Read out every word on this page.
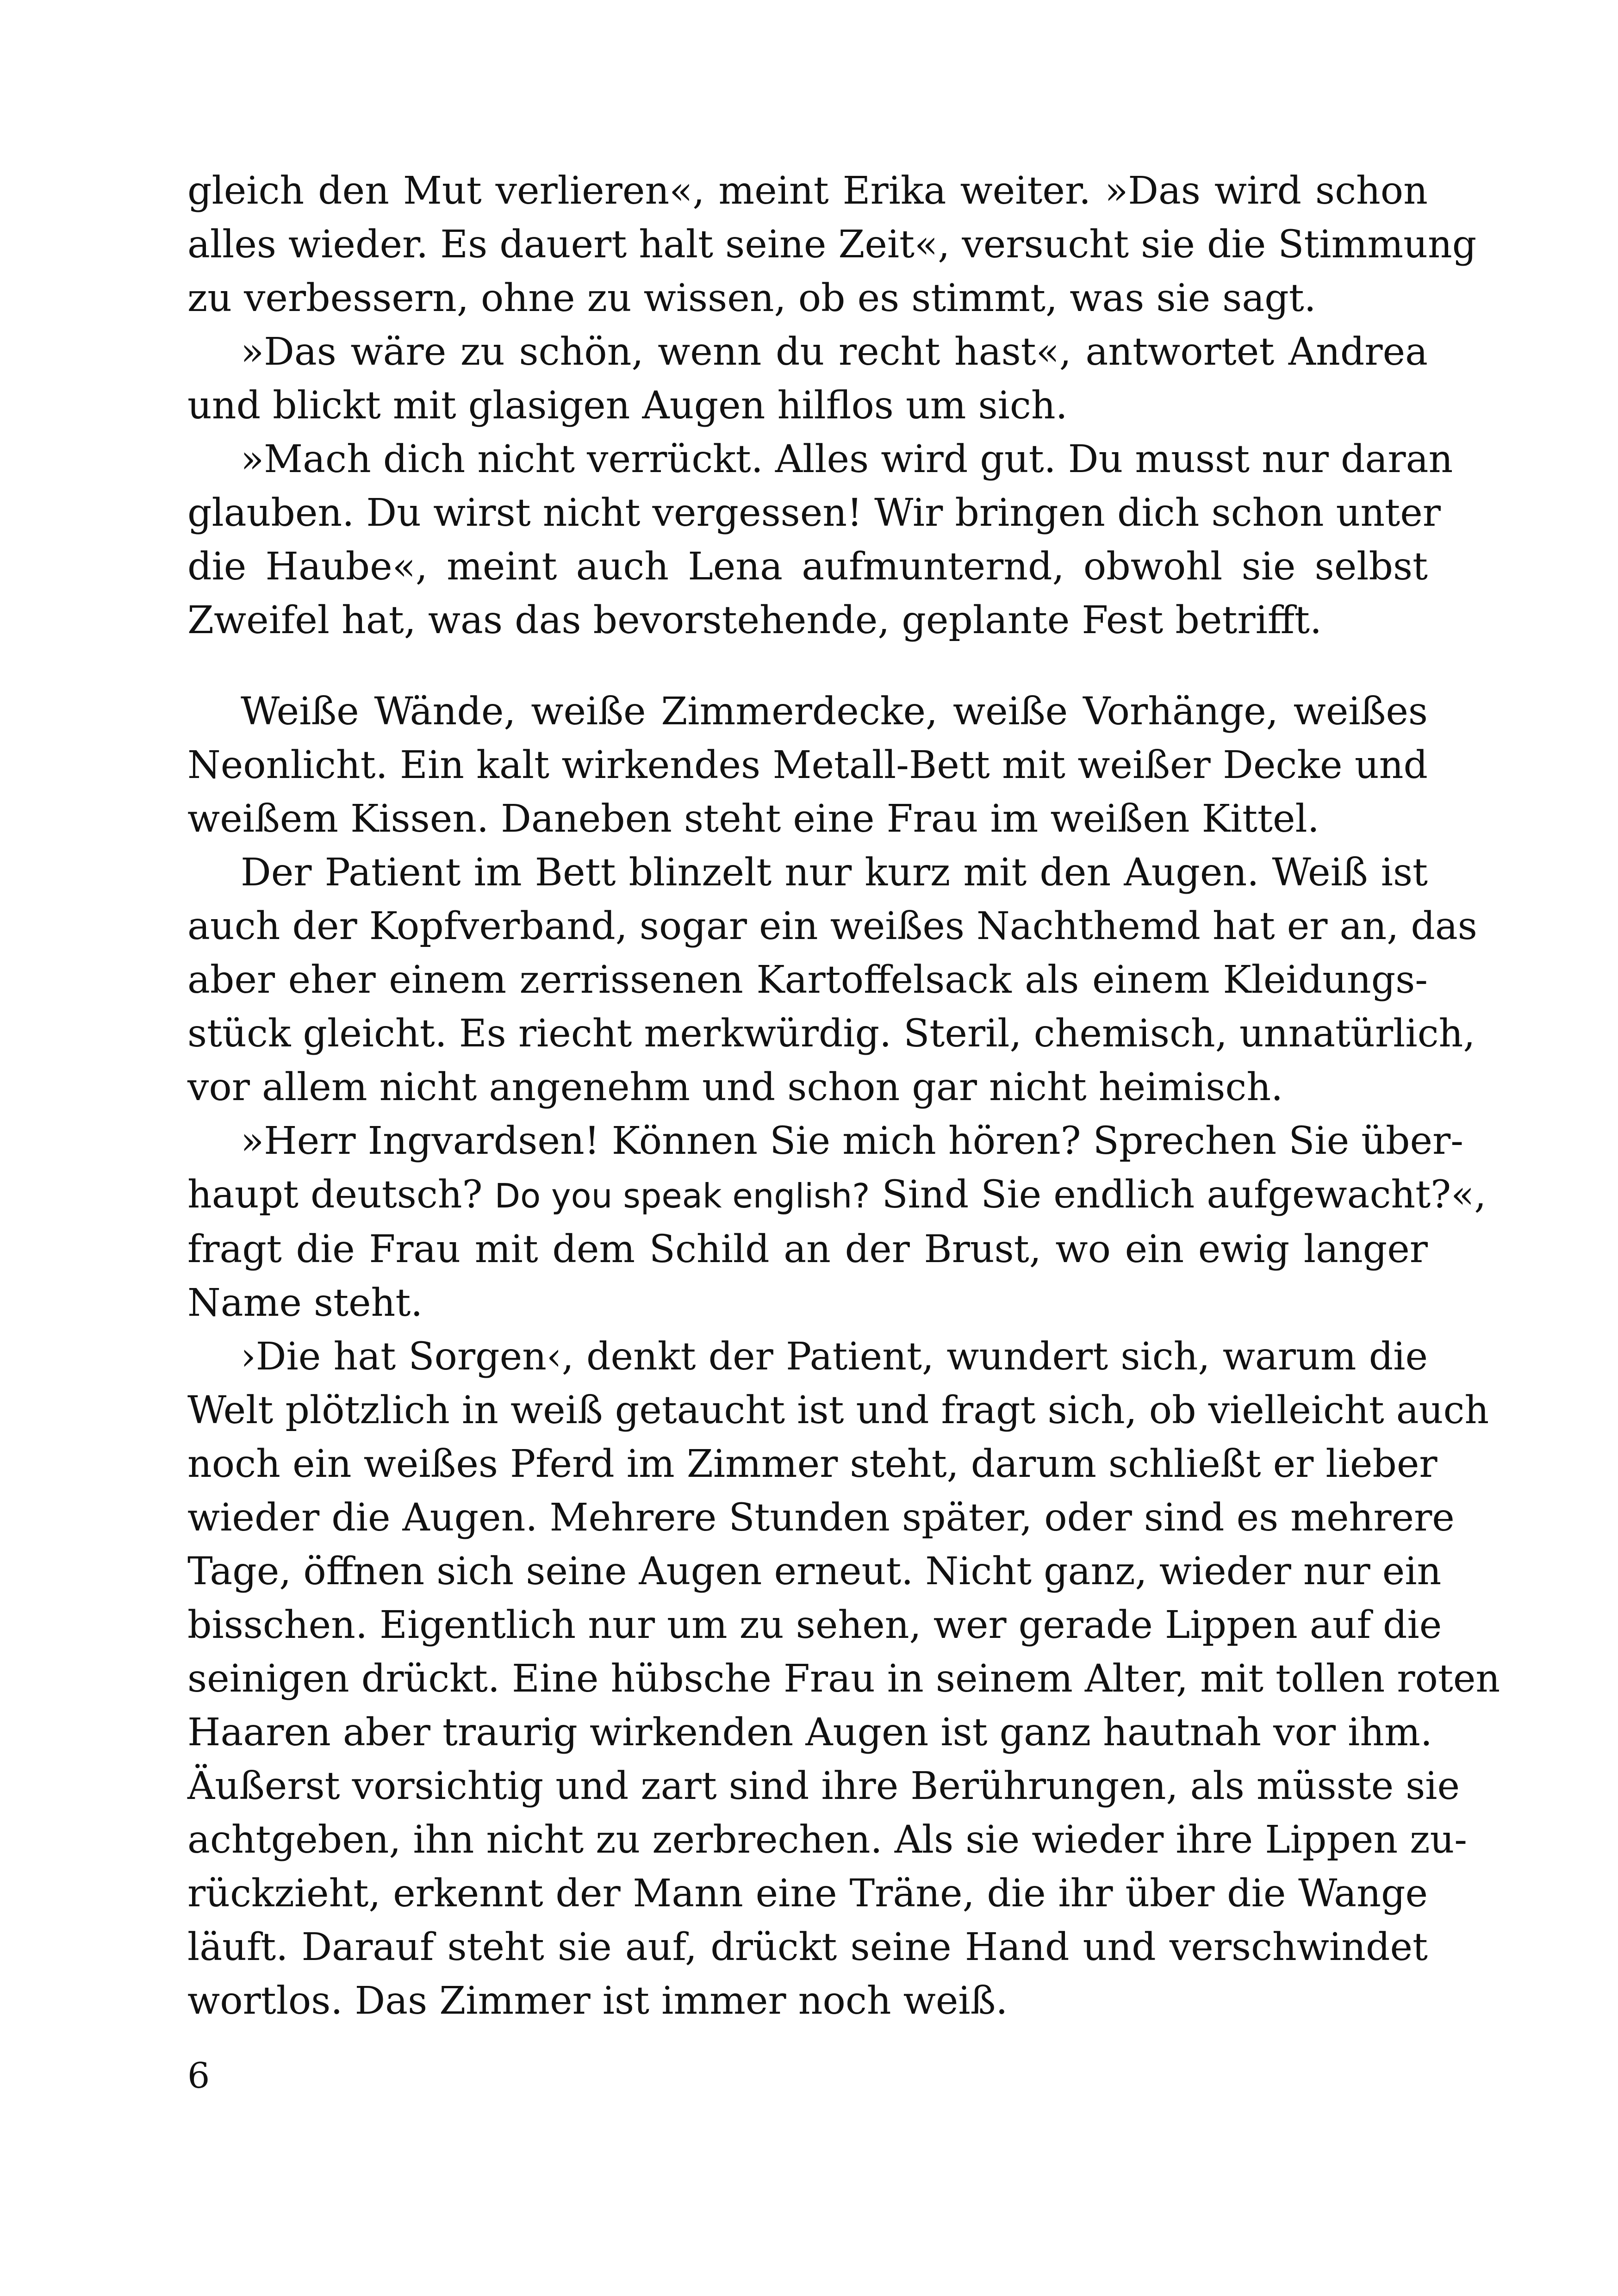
gleich den Mut verlieren«, meint Erika weiter. »Das wird schon
alles wieder. Es dauert halt seine Zeit«, versucht sie die Stimmung
zu verbessern, ohne zu wissen, ob es stimmt, was sie sagt.
»Das wäre zu schön, wenn du recht hast«, antwortet Andrea
und blickt mit glasigen Augen hilflos um sich.
»Mach dich nicht verrückt. Alles wird gut. Du musst nur daran
glauben. Du wirst nicht vergessen! Wir bringen dich schon unter
die Haube«, meint auch Lena aufmunternd, obwohl sie selbst
Zweifel hat, was das bevorstehende, geplante Fest betrifft.
Weiße Wände, weiße Zimmerdecke, weiße Vorhänge, weißes
Neonlicht. Ein kalt wirkendes Metall-Bett mit weißer Decke und
weißem Kissen. Daneben steht eine Frau im weißen Kittel.
Der Patient im Bett blinzelt nur kurz mit den Augen. Weiß ist
auch der Kopfverband, sogar ein weißes Nachthemd hat er an, das
aber eher einem zerrissenen Kartoffelsack als einem Kleidungs-
stück gleicht. Es riecht merkwürdig. Steril, chemisch, unnatürlich,
vor allem nicht angenehm und schon gar nicht heimisch.
»Herr Ingvardsen! Können Sie mich hören? Sprechen Sie über-
haupt deutsch? Do you speak english? Sind Sie endlich aufgewacht?«,
fragt die Frau mit dem Schild an der Brust, wo ein ewig langer
Name steht.
›Die hat Sorgen‹, denkt der Patient, wundert sich, warum die
Welt plötzlich in weiß getaucht ist und fragt sich, ob vielleicht auch
noch ein weißes Pferd im Zimmer steht, darum schließt er lieber
wieder die Augen. Mehrere Stunden später, oder sind es mehrere
Tage, öffnen sich seine Augen erneut. Nicht ganz, wieder nur ein
bisschen. Eigentlich nur um zu sehen, wer gerade Lippen auf die
seinigen drückt. Eine hübsche Frau in seinem Alter, mit tollen roten
Haaren aber traurig wirkenden Augen ist ganz hautnah vor ihm.
Äußerst vorsichtig und zart sind ihre Berührungen, als müsste sie
achtgeben, ihn nicht zu zerbrechen. Als sie wieder ihre Lippen zu-
rückzieht, erkennt der Mann eine Träne, die ihr über die Wange
läuft. Darauf steht sie auf, drückt seine Hand und verschwindet
wortlos. Das Zimmer ist immer noch weiß.
6
